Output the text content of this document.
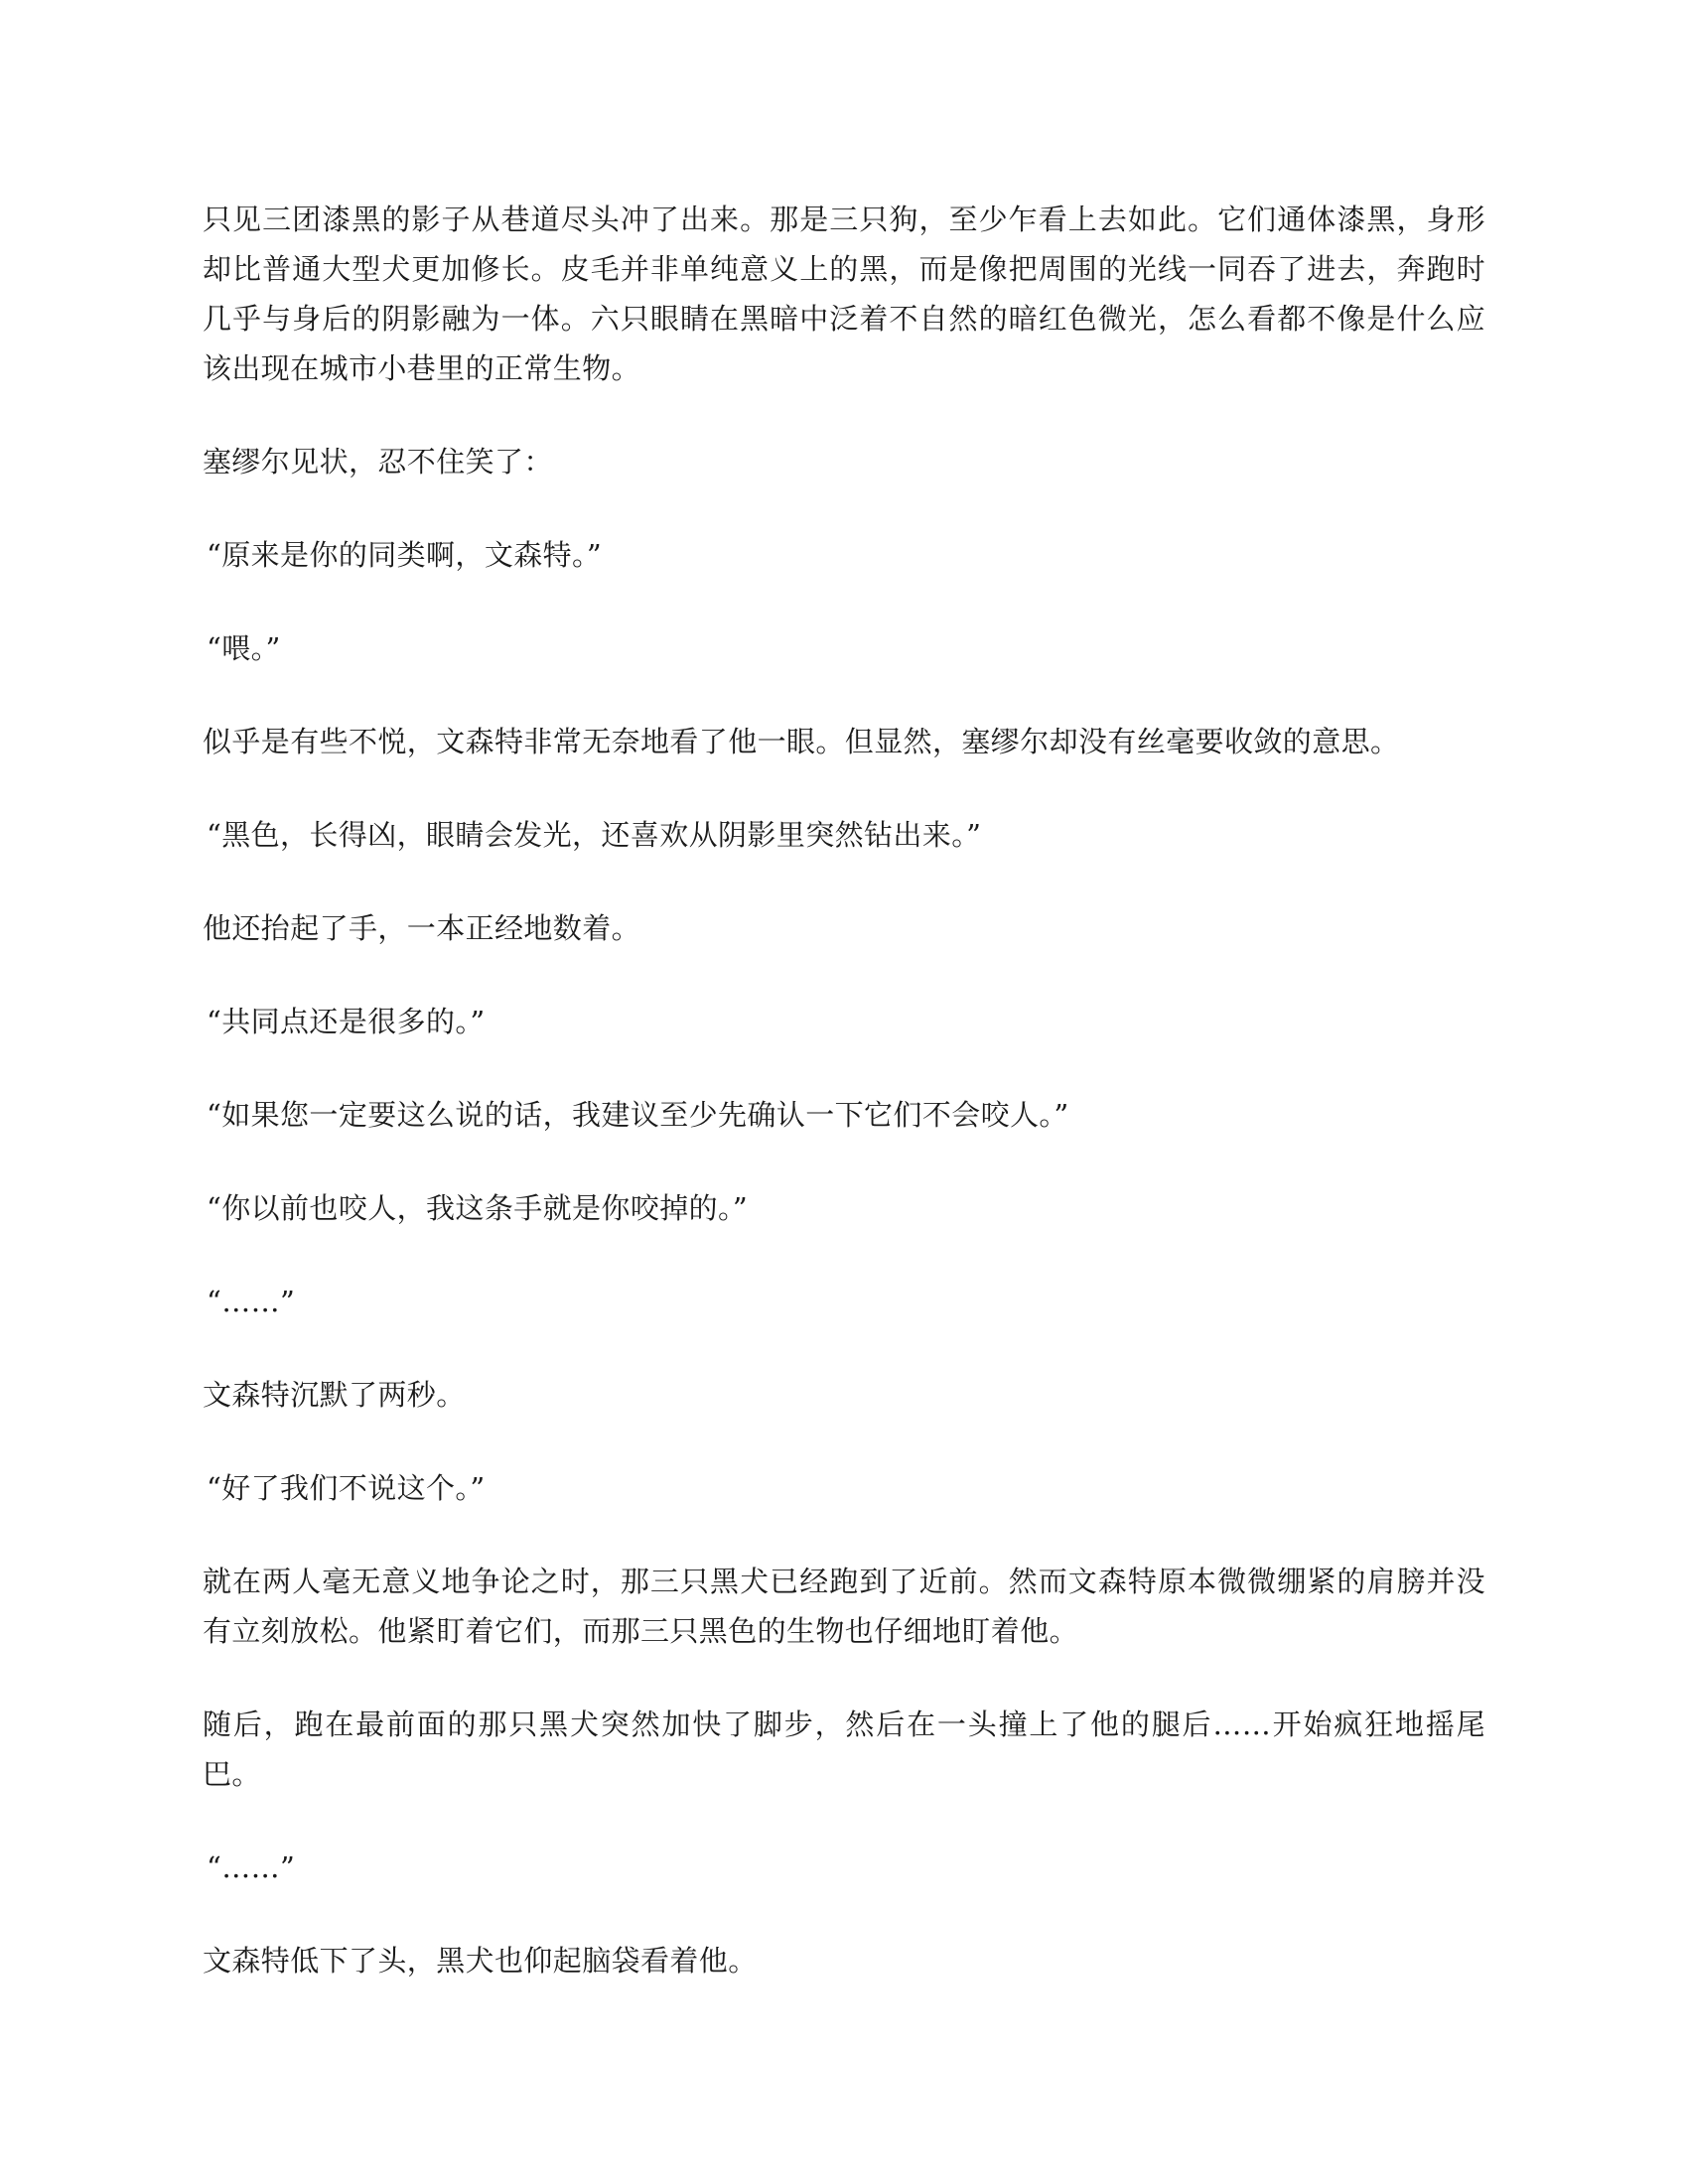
只见三团漆黑的影子从巷道尽头冲了出来。那是三只狗，至少乍看上去如此。它们通体漆黑，身形却比普通大型犬更加修长。皮毛并非单纯意义上的黑，而是像把周围的光线一同吞了进去，奔跑时几乎与身后的阴影融为一体。六只眼睛在黑暗中泛着不自然的暗红色微光，怎么看都不像是什么应该出现在城市小巷里的正常生物。

塞缪尔见状，忍不住笑了：

“原来是你的同类啊，文森特。”

“喂。”

似乎是有些不悦，文森特非常无奈地看了他一眼。但显然，塞缪尔却没有丝毫要收敛的意思。

“黑色，长得凶，眼睛会发光，还喜欢从阴影里突然钻出来。”

他还抬起了手，一本正经地数着。

“共同点还是很多的。”

“如果您一定要这么说的话，我建议至少先确认一下它们不会咬人。”

“你以前也咬人，我这条手就是你咬掉的。”

“……”

文森特沉默了两秒。

“好了我们不说这个。”

就在两人毫无意义地争论之时，那三只黑犬已经跑到了近前。然而文森特原本微微绷紧的肩膀并没有立刻放松。他紧盯着它们，而那三只黑色的生物也仔细地盯着他。

随后，跑在最前面的那只黑犬突然加快了脚步，然后在一头撞上了他的腿后……开始疯狂地摇尾巴。

“……”

文森特低下了头，黑犬也仰起脑袋看着他。
